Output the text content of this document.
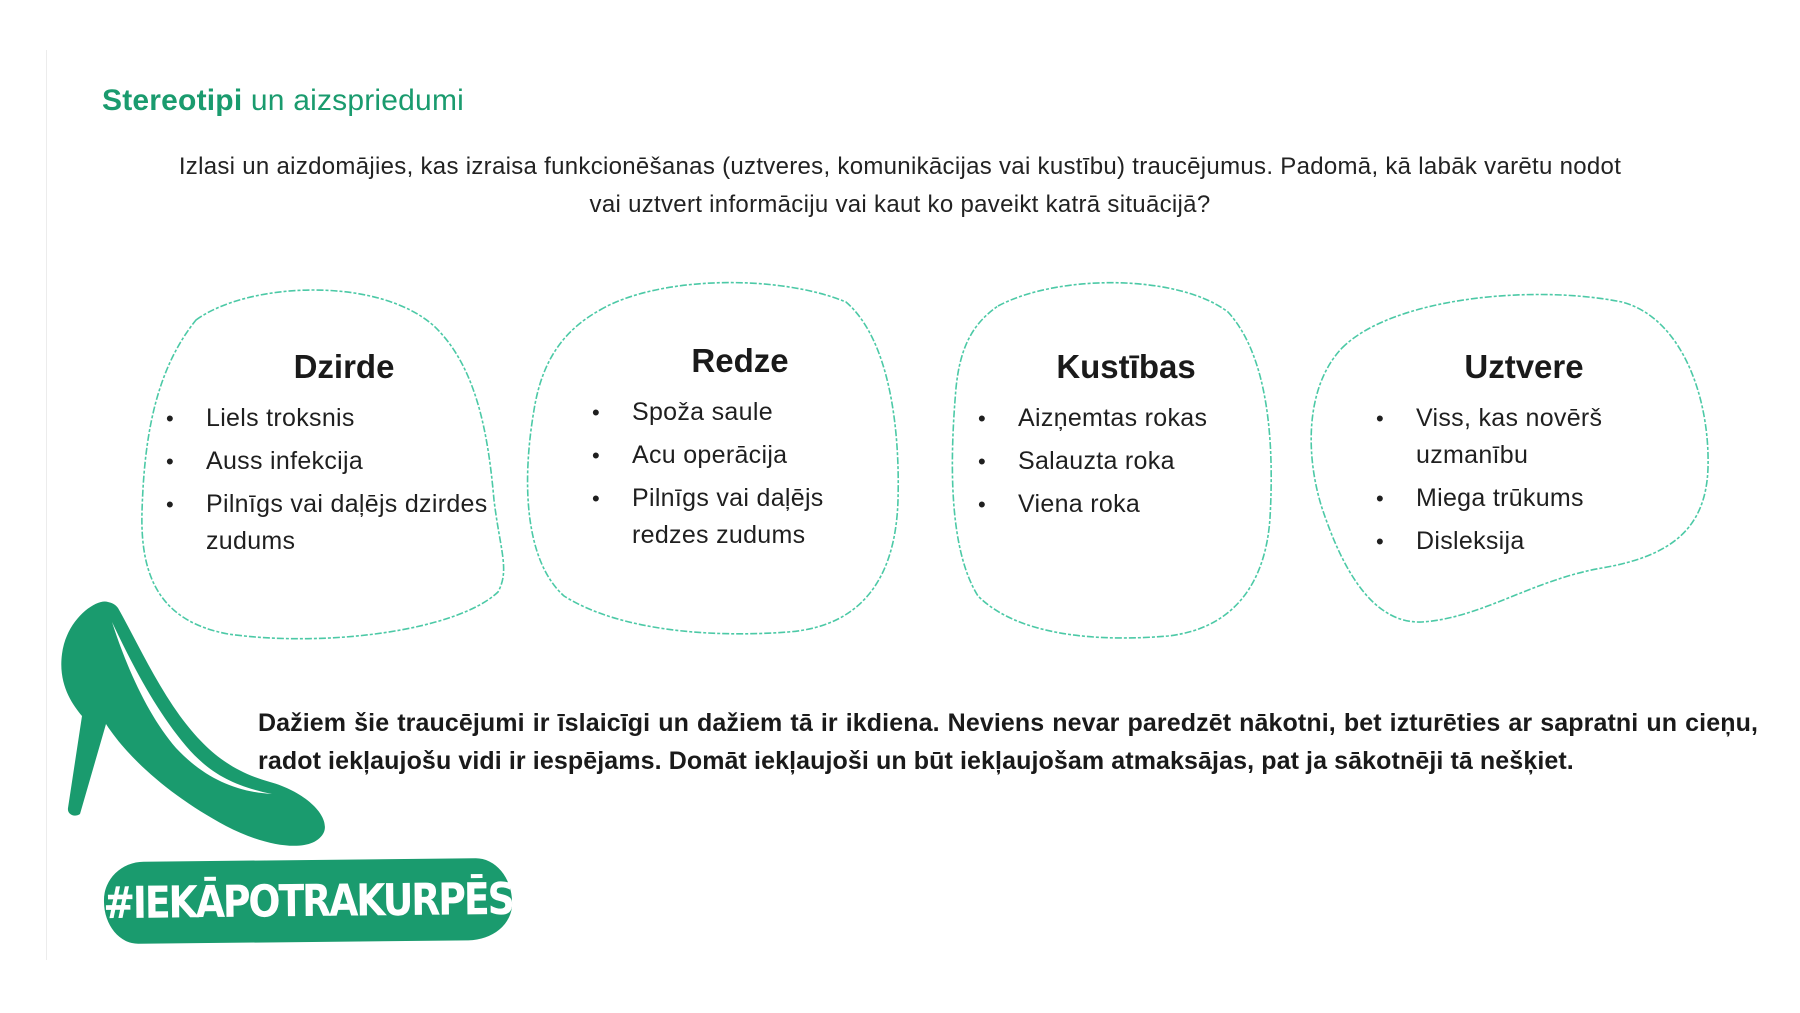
Stereotipi un aizspriedumi

Izlasi un aizdomājies, kas izraisa funkcionēšanas (uztveres, komunikācijas vai kustību) traucējumus. Padomā, kā labāk varētu nodot vai uztvert informāciju vai kaut ko paveikt katrā situācijā?

Dzirde
• Liels troksnis
• Auss infekcija
• Pilnīgs vai daļējs dzirdes zudums
Redze
• Spoža saule
• Acu operācija
• Pilnīgs vai daļējs redzes zudums
Kustības
• Aizņemtas rokas
• Salauzta roka
• Viena roka
Uztvere
• Viss, kas novērš uzmanību
• Miega trūkums
• Disleksija
#IEKĀPOTRAKURPĒS

Dažiem šie traucējumi ir īslaicīgi un dažiem tā ir ikdiena. Neviens nevar paredzēt nākotni, bet izturēties ar sapratni un cieņu, radot iekļaujošu vidi ir iespējams. Domāt iekļaujoši un būt iekļaujošam atmaksājas, pat ja sākotnēji tā nešķiet.
